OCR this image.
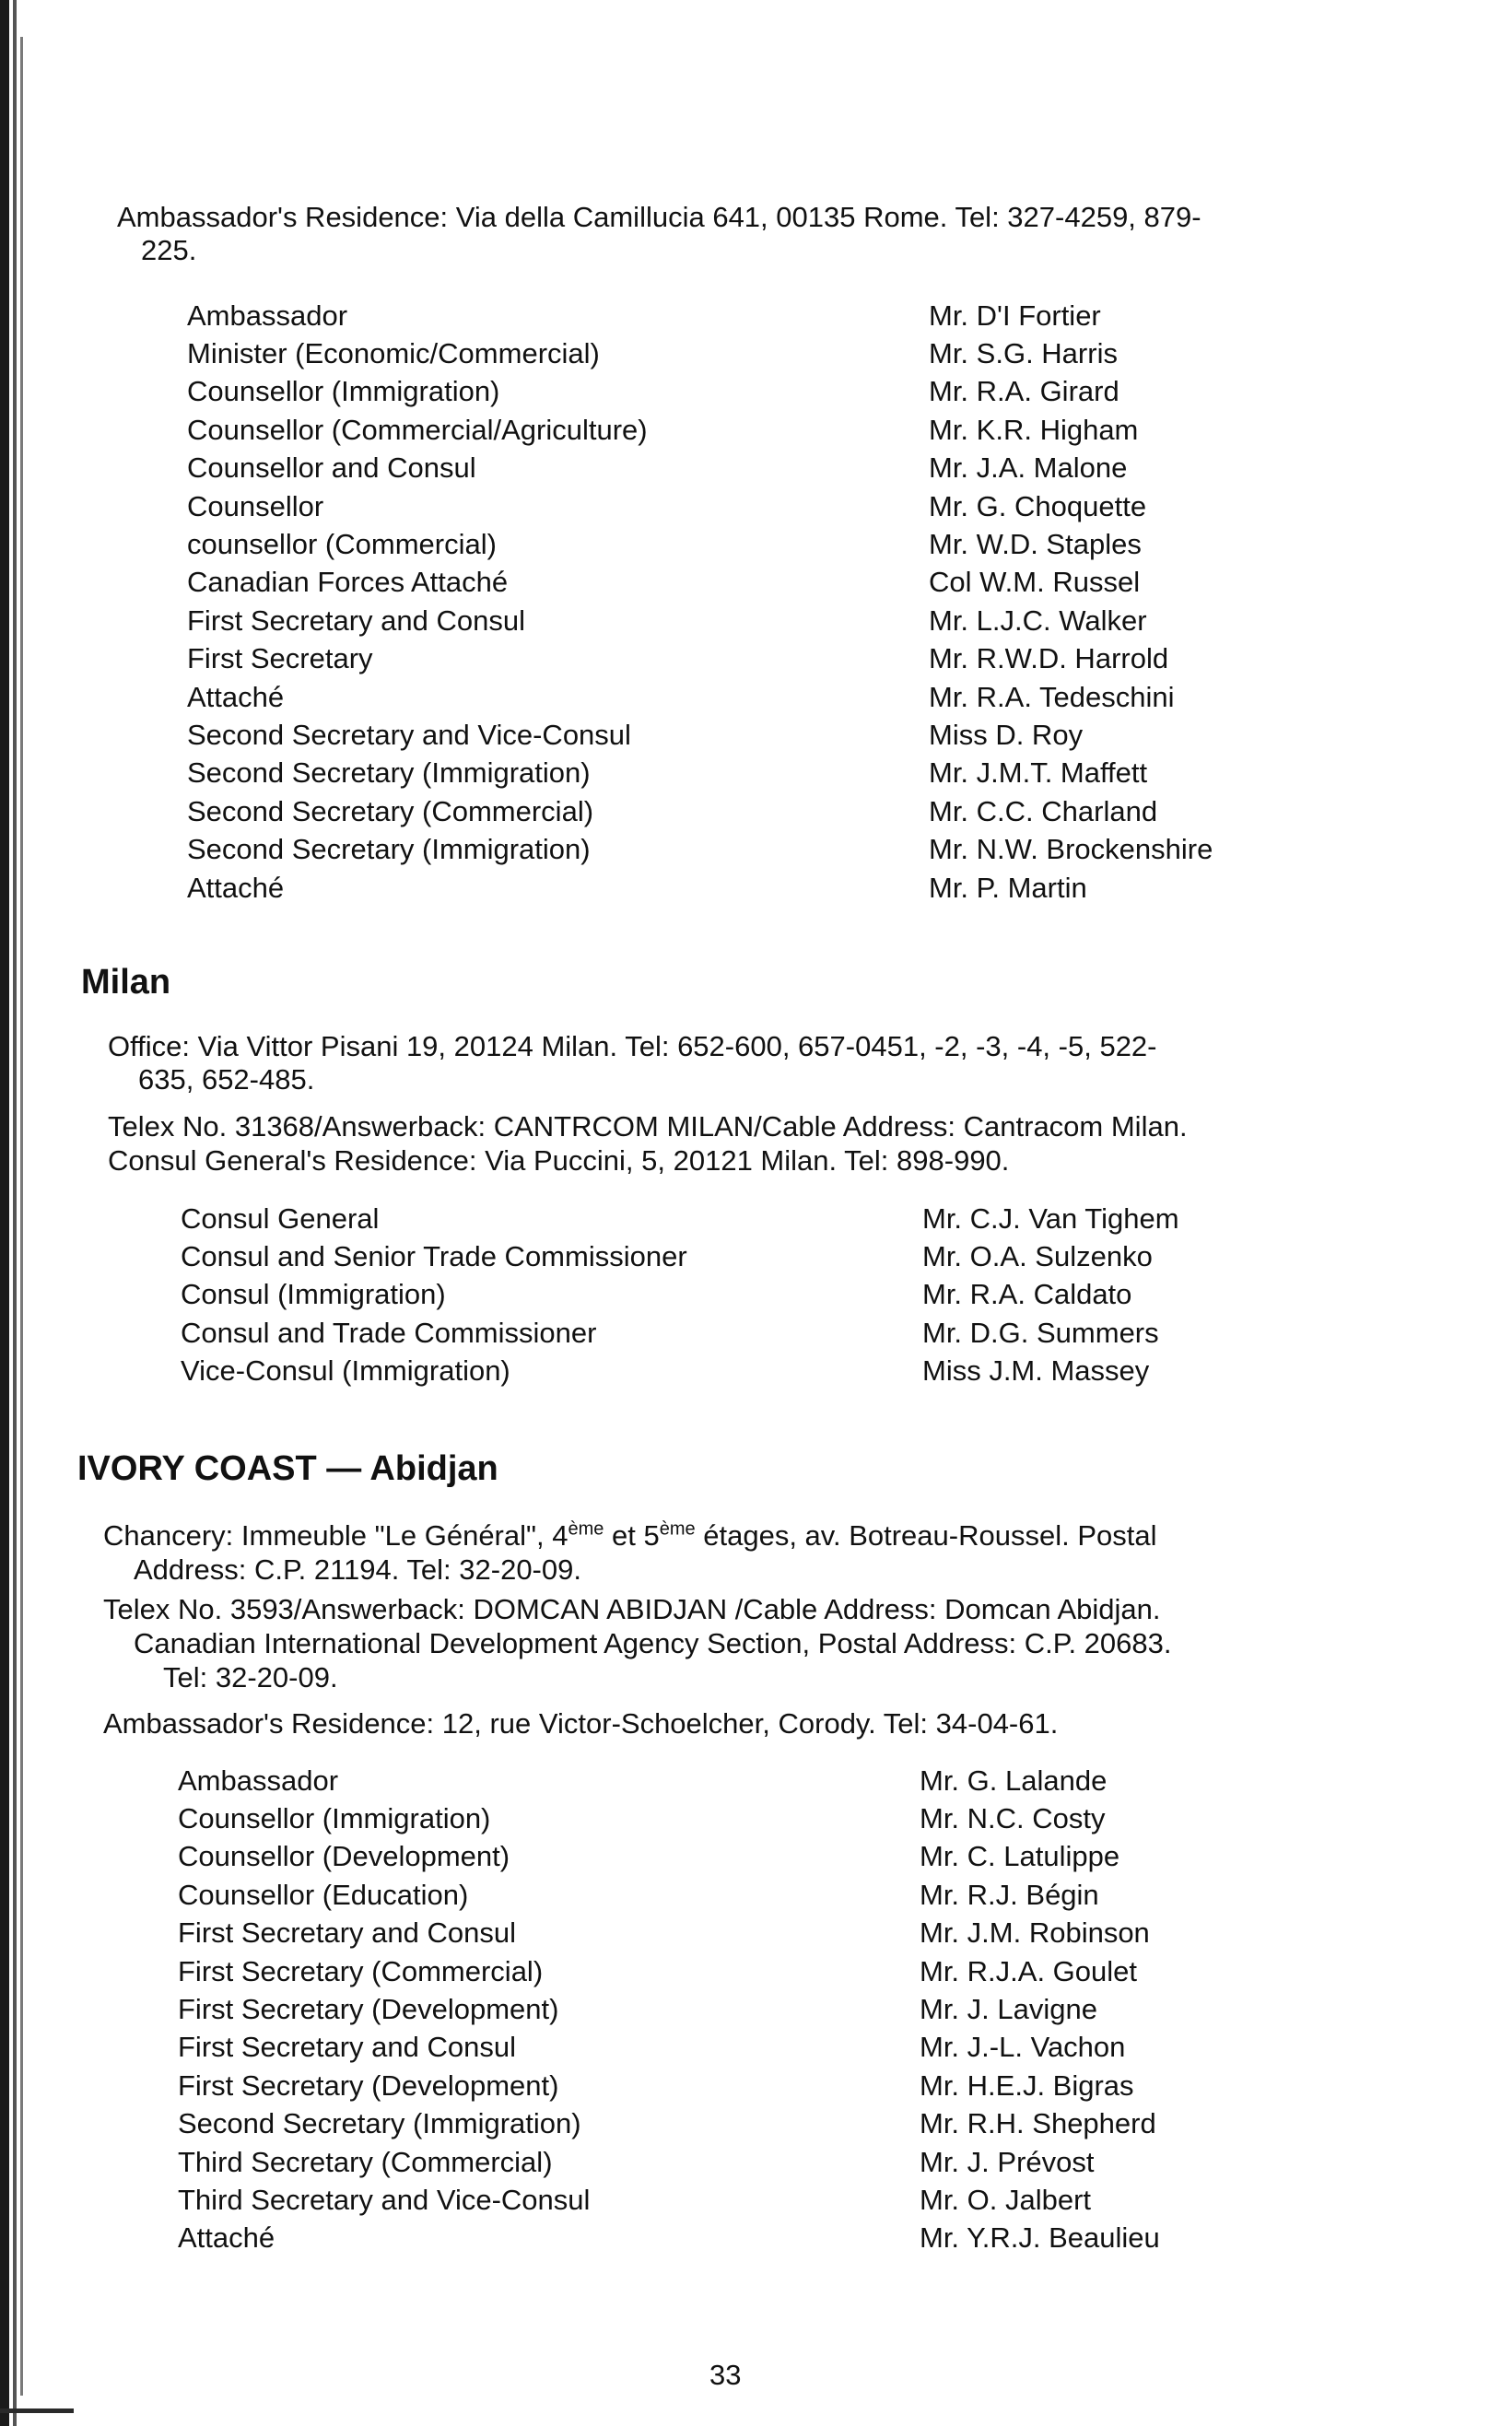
Ambassador's Residence: Via della Camillucia 641, 00135 Rome. Tel: 327-4259, 879-
225.
Ambassador	Mr. D'I Fortier
Minister (Economic/Commercial)	Mr. S.G. Harris
Counsellor (Immigration)	Mr. R.A. Girard
Counsellor (Commercial/Agriculture)	Mr. K.R. Higham
Counsellor and Consul	Mr. J.A. Malone
Counsellor	Mr. G. Choquette
counsellor (Commercial)	Mr. W.D. Staples
Canadian Forces Attaché	Col W.M. Russel
First Secretary and Consul	Mr. L.J.C. Walker
First Secretary	Mr. R.W.D. Harrold
Attaché	Mr. R.A. Tedeschini
Second Secretary and Vice-Consul	Miss D. Roy
Second Secretary (Immigration)	Mr. J.M.T. Maffett
Second Secretary (Commercial)	Mr. C.C. Charland
Second Secretary (Immigration)	Mr. N.W. Brockenshire
Attaché	Mr. P. Martin
Milan
Office: Via Vittor Pisani 19, 20124 Milan. Tel: 652-600, 657-0451, -2, -3, -4, -5, 522-
635, 652-485.
Telex No. 31368/Answerback: CANTRCOM MILAN/Cable Address: Cantracom Milan.
Consul General's Residence: Via Puccini, 5, 20121 Milan. Tel: 898-990.
Consul General	Mr. C.J. Van Tighem
Consul and Senior Trade Commissioner	Mr. O.A. Sulzenko
Consul (Immigration)	Mr. R.A. Caldato
Consul and Trade Commissioner	Mr. D.G. Summers
Vice-Consul (Immigration)	Miss J.M. Massey
IVORY COAST — Abidjan
Chancery: Immeuble "Le Général", 4ème et 5ème étages, av. Botreau-Roussel. Postal
Address: C.P. 21194. Tel: 32-20-09.
Telex No. 3593/Answerback: DOMCAN ABIDJAN /Cable Address: Domcan Abidjan.
Canadian International Development Agency Section, Postal Address: C.P. 20683.
Tel: 32-20-09.
Ambassador's Residence: 12, rue Victor-Schoelcher, Corody. Tel: 34-04-61.
Ambassador	Mr. G. Lalande
Counsellor (Immigration)	Mr. N.C. Costy
Counsellor (Development)	Mr. C. Latulippe
Counsellor (Education)	Mr. R.J. Bégin
First Secretary and Consul	Mr. J.M. Robinson
First Secretary (Commercial)	Mr. R.J.A. Goulet
First Secretary (Development)	Mr. J. Lavigne
First Secretary and Consul	Mr. J.-L. Vachon
First Secretary (Development)	Mr. H.E.J. Bigras
Second Secretary (Immigration)	Mr. R.H. Shepherd
Third Secretary (Commercial)	Mr. J. Prévost
Third Secretary and Vice-Consul	Mr. O. Jalbert
Attaché	Mr. Y.R.J. Beaulieu
33
